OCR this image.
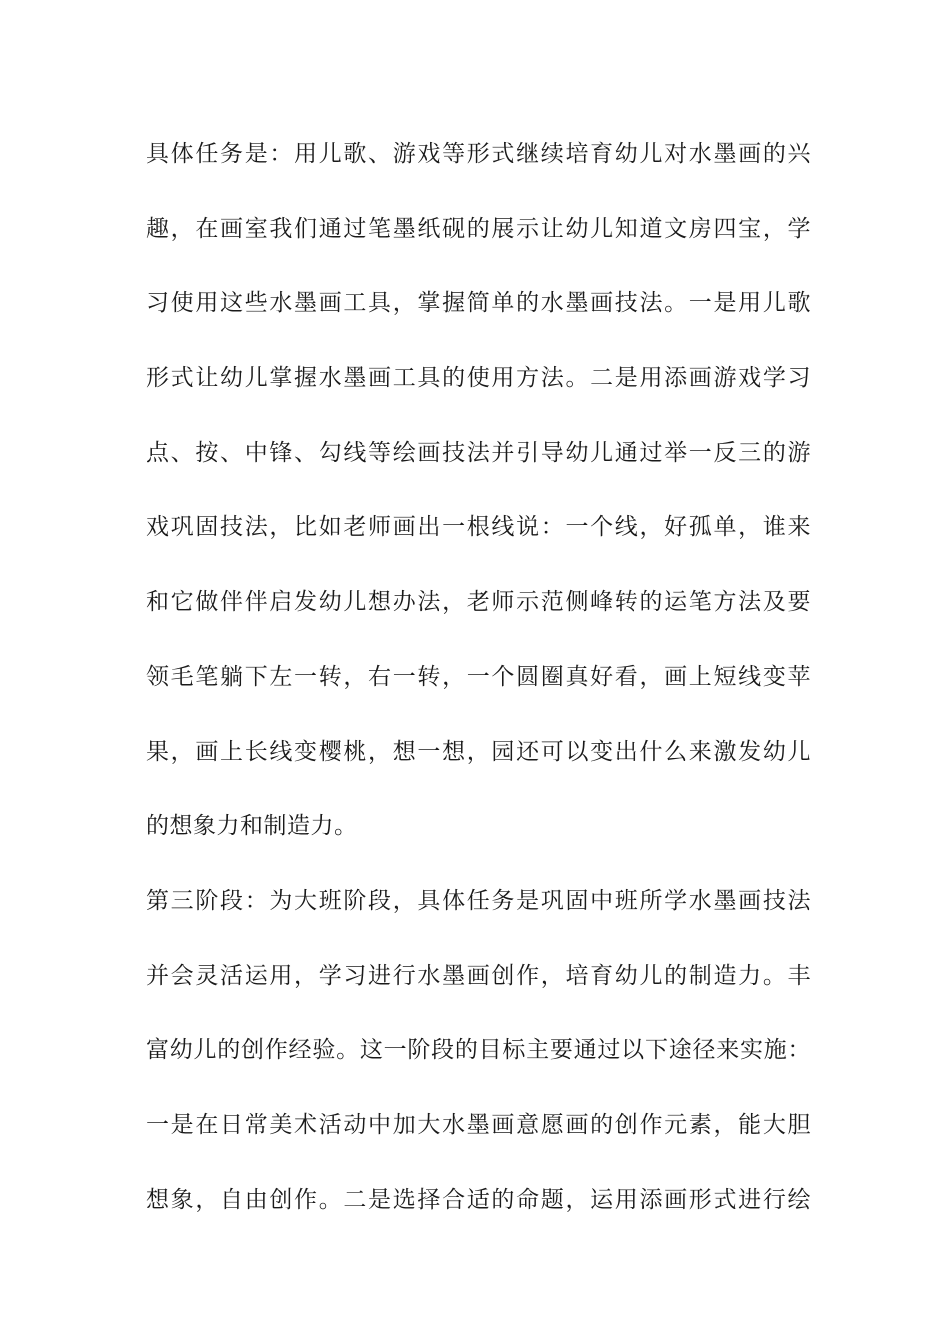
具体任务是：用儿歌、游戏等形式继续培育幼儿对水墨画的兴
趣，在画室我们通过笔墨纸砚的展示让幼儿知道文房四宝，学
习使用这些水墨画工具，掌握简单的水墨画技法。一是用儿歌
形式让幼儿掌握水墨画工具的使用方法。二是用添画游戏学习
点、按、中锋、勾线等绘画技法并引导幼儿通过举一反三的游
戏巩固技法，比如老师画出一根线说：一个线，好孤单，谁来
和它做伴伴启发幼儿想办法，老师示范侧峰转的运笔方法及要
领毛笔躺下左一转，右一转，一个圆圈真好看，画上短线变苹
果，画上长线变樱桃，想一想，园还可以变出什么来激发幼儿
的想象力和制造力。
第三阶段：为大班阶段，具体任务是巩固中班所学水墨画技法
并会灵活运用，学习进行水墨画创作，培育幼儿的制造力。丰
富幼儿的创作经验。这一阶段的目标主要通过以下途径来实施：
一是在日常美术活动中加大水墨画意愿画的创作元素，能大胆
想象，自由创作。二是选择合适的命题，运用添画形式进行绘
